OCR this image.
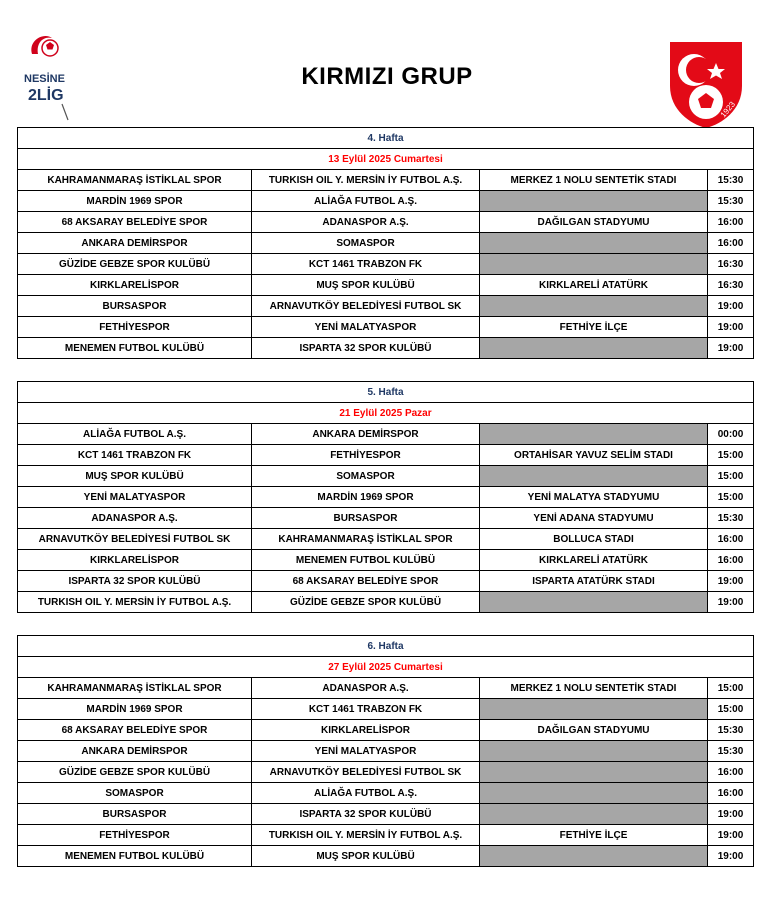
NESİNE
2LİG
KIRMIZI GRUP
1923
4. Hafta			
13 Eylül 2025 Cumartesi			
KAHRAMANMARAŞ İSTİKLAL SPOR	TURKISH OIL Y. MERSİN İY FUTBOL A.Ş.	MERKEZ 1 NOLU SENTETİK STADI	15:30
MARDİN 1969 SPOR	ALİAĞA FUTBOL A.Ş.		15:30
68 AKSARAY BELEDİYE SPOR	ADANASPOR A.Ş.	DAĞILGAN STADYUMU	16:00
ANKARA DEMİRSPOR	SOMASPOR		16:00
GÜZİDE GEBZE SPOR KULÜBÜ	KCT 1461 TRABZON FK		16:30
KIRKLARELİSPOR	MUŞ SPOR KULÜBÜ	KIRKLARELİ ATATÜRK	16:30
BURSASPOR	ARNAVUTKÖY BELEDİYESİ FUTBOL SK		19:00
FETHİYESPOR	YENİ MALATYASPOR	FETHİYE İLÇE	19:00
MENEMEN FUTBOL KULÜBÜ	ISPARTA 32 SPOR KULÜBÜ		19:00
5. Hafta			
21 Eylül 2025 Pazar			
ALİAĞA FUTBOL A.Ş.	ANKARA DEMİRSPOR		00:00
KCT 1461 TRABZON FK	FETHİYESPOR	ORTAHİSAR YAVUZ SELİM STADI	15:00
MUŞ SPOR KULÜBÜ	SOMASPOR		15:00
YENİ MALATYASPOR	MARDİN 1969 SPOR	YENİ MALATYA STADYUMU	15:00
ADANASPOR A.Ş.	BURSASPOR	YENİ ADANA STADYUMU	15:30
ARNAVUTKÖY BELEDİYESİ FUTBOL SK	KAHRAMANMARAŞ İSTİKLAL SPOR	BOLLUCA STADI	16:00
KIRKLARELİSPOR	MENEMEN FUTBOL KULÜBÜ	KIRKLARELİ ATATÜRK	16:00
ISPARTA 32 SPOR KULÜBÜ	68 AKSARAY BELEDİYE SPOR	ISPARTA ATATÜRK STADI	19:00
TURKISH OIL Y. MERSİN İY FUTBOL A.Ş.	GÜZİDE GEBZE SPOR KULÜBÜ		19:00
6. Hafta			
27 Eylül 2025 Cumartesi			
KAHRAMANMARAŞ İSTİKLAL SPOR	ADANASPOR A.Ş.	MERKEZ 1 NOLU SENTETİK STADI	15:00
MARDİN 1969 SPOR	KCT 1461 TRABZON FK		15:00
68 AKSARAY BELEDİYE SPOR	KIRKLARELİSPOR	DAĞILGAN STADYUMU	15:30
ANKARA DEMİRSPOR	YENİ MALATYASPOR		15:30
GÜZİDE GEBZE SPOR KULÜBÜ	ARNAVUTKÖY BELEDİYESİ FUTBOL SK		16:00
SOMASPOR	ALİAĞA FUTBOL A.Ş.		16:00
BURSASPOR	ISPARTA 32 SPOR KULÜBÜ		19:00
FETHİYESPOR	TURKISH OIL Y. MERSİN İY FUTBOL A.Ş.	FETHİYE İLÇE	19:00
MENEMEN FUTBOL KULÜBÜ	MUŞ SPOR KULÜBÜ		19:00
